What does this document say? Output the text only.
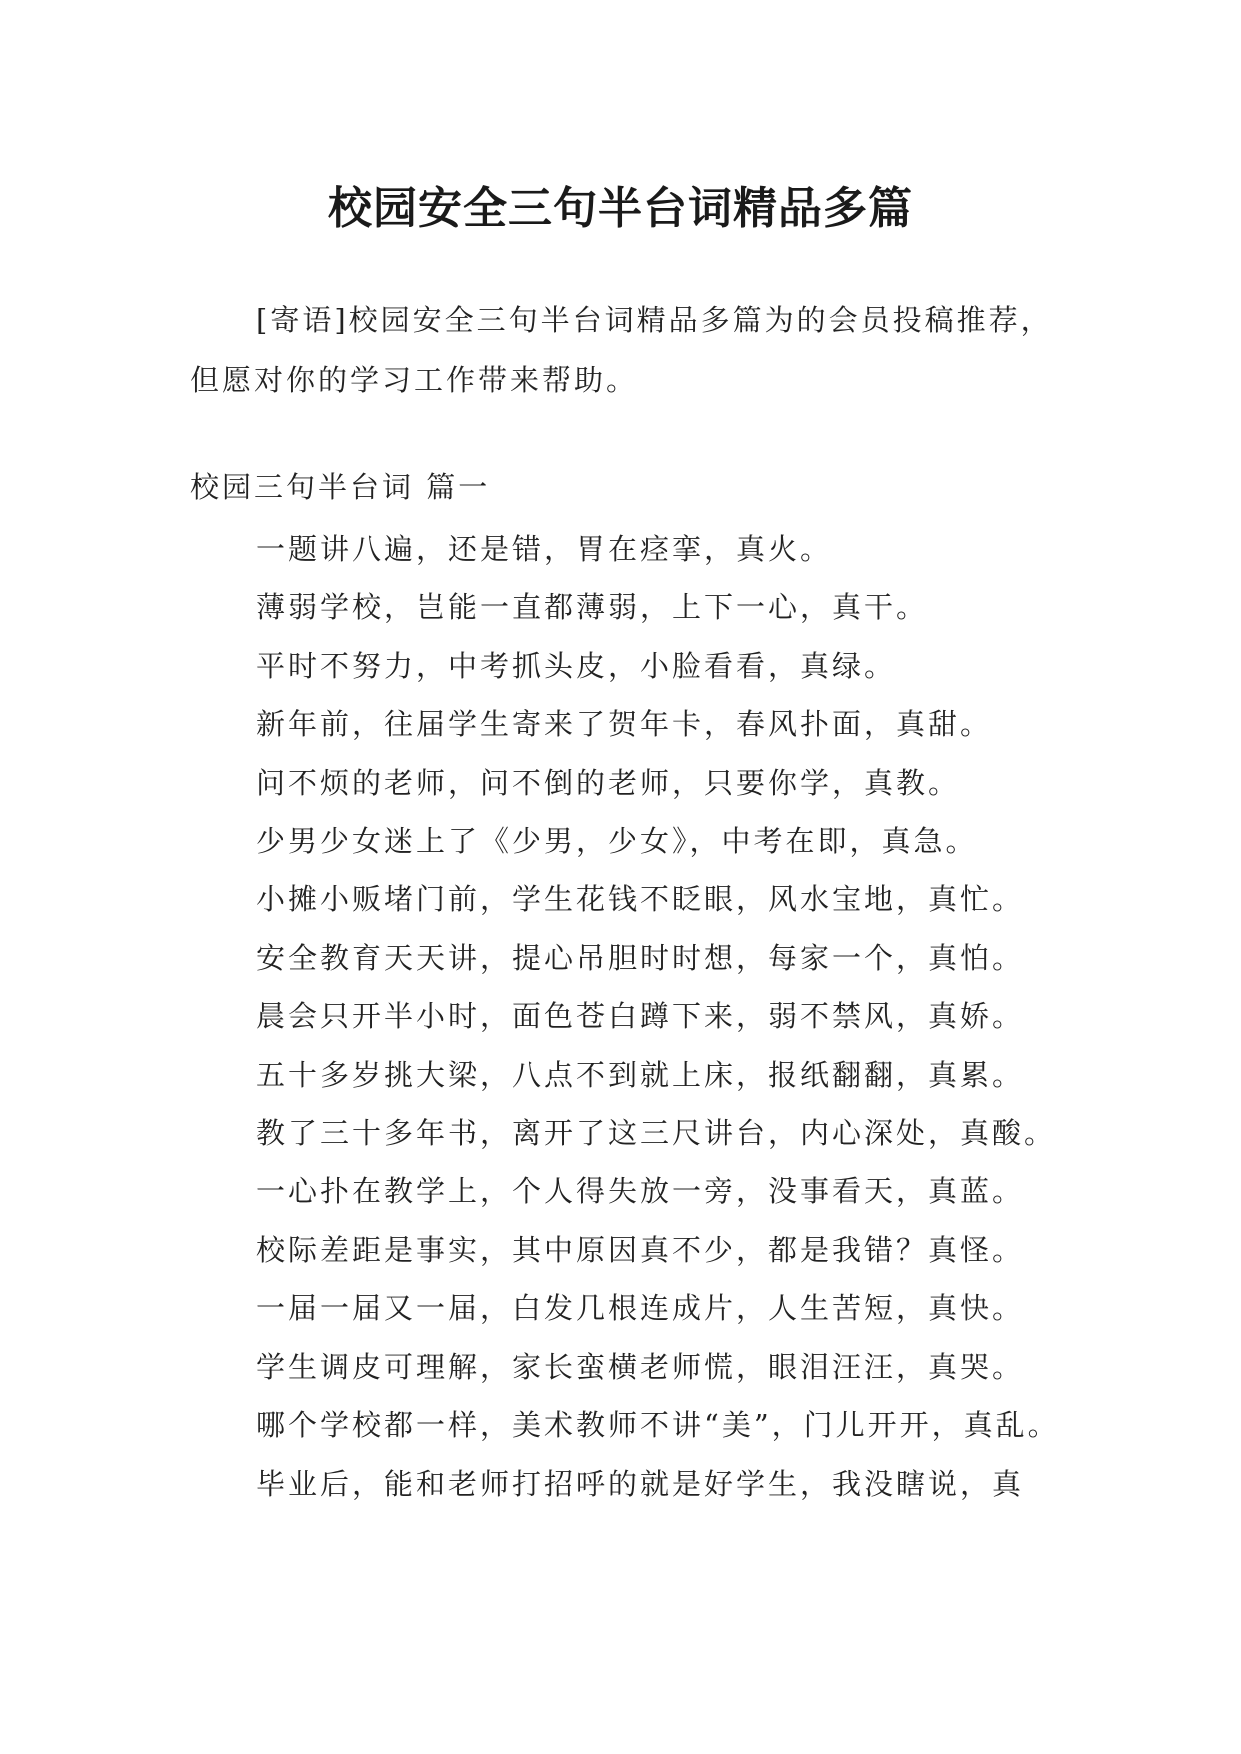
校园安全三句半台词精品多篇

[寄语]校园安全三句半台词精品多篇为的会员投稿推荐，但愿对你的学习工作带来帮助。

校园三句半台词 篇一

一题讲八遍，还是错，胃在痉挛，真火。
薄弱学校，岂能一直都薄弱，上下一心，真干。
平时不努力，中考抓头皮，小脸看看，真绿。
新年前，往届学生寄来了贺年卡，春风扑面，真甜。
问不烦的老师，问不倒的老师，只要你学，真教。
少男少女迷上了《少男，少女》，中考在即，真急。
小摊小贩堵门前，学生花钱不眨眼，风水宝地，真忙。
安全教育天天讲，提心吊胆时时想，每家一个，真怕。
晨会只开半小时，面色苍白蹲下来，弱不禁风，真娇。
五十多岁挑大梁，八点不到就上床，报纸翻翻，真累。
教了三十多年书，离开了这三尺讲台，内心深处，真酸。
一心扑在教学上，个人得失放一旁，没事看天，真蓝。
校际差距是事实，其中原因真不少，都是我错？真怪。
一届一届又一届，白发几根连成片，人生苦短，真快。
学生调皮可理解，家长蛮横老师慌，眼泪汪汪，真哭。
哪个学校都一样，美术教师不讲“美”，门儿开开，真乱。
毕业后，能和老师打招呼的就是好学生，我没瞎说，真
